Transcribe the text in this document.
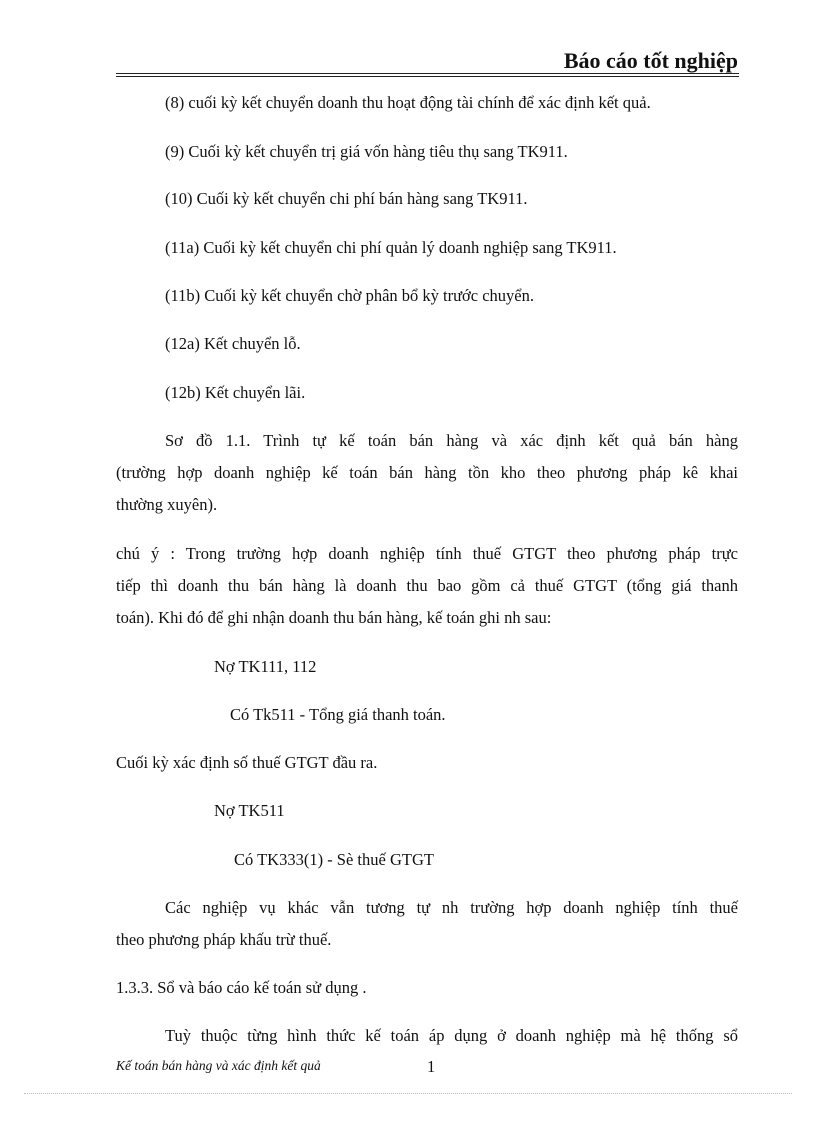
Báo cáo tốt nghiệp
(8) cuối kỳ kết chuyển doanh thu hoạt động tài chính để xác định kết quả.
(9) Cuối kỳ kết chuyển trị giá vốn hàng tiêu thụ sang TK911.
(10) Cuối kỳ kết chuyển chi phí bán hàng sang TK911.
(11a) Cuối kỳ kết chuyển chi phí quản lý doanh nghiệp sang TK911.
(11b) Cuối kỳ kết chuyển chờ phân bổ kỳ trước chuyển.
(12a) Kết chuyển lỗ.
(12b) Kết chuyển lãi.
Sơ đồ 1.1. Trình tự kế toán bán hàng và xác định kết quả bán hàng
(trường hợp doanh nghiệp kế toán bán hàng tồn kho theo phương pháp kê khai
thường xuyên).
chú ý : Trong trường hợp doanh nghiệp tính thuế GTGT theo phương pháp trực
tiếp thì doanh thu bán hàng là doanh thu bao gồm cả thuế GTGT (tổng giá thanh
toán). Khi đó để ghi nhận doanh thu bán hàng, kế toán ghi nh sau:
Nợ TK111, 112
Có Tk511 - Tổng giá thanh toán.
Cuối kỳ xác định số thuế GTGT đầu ra.
Nợ TK511
Có TK333(1) - Sè thuế GTGT
Các nghiệp vụ khác vẫn tương tự nh trường hợp doanh nghiệp tính thuế
theo phương pháp khấu trừ thuế.
1.3.3. Sổ và báo cáo kế toán sử dụng .
Tuỳ thuộc từng hình thức kế toán áp dụng ở doanh nghiệp mà hệ thống sổ
Kế toán bán hàng và xác định kết quả	1
